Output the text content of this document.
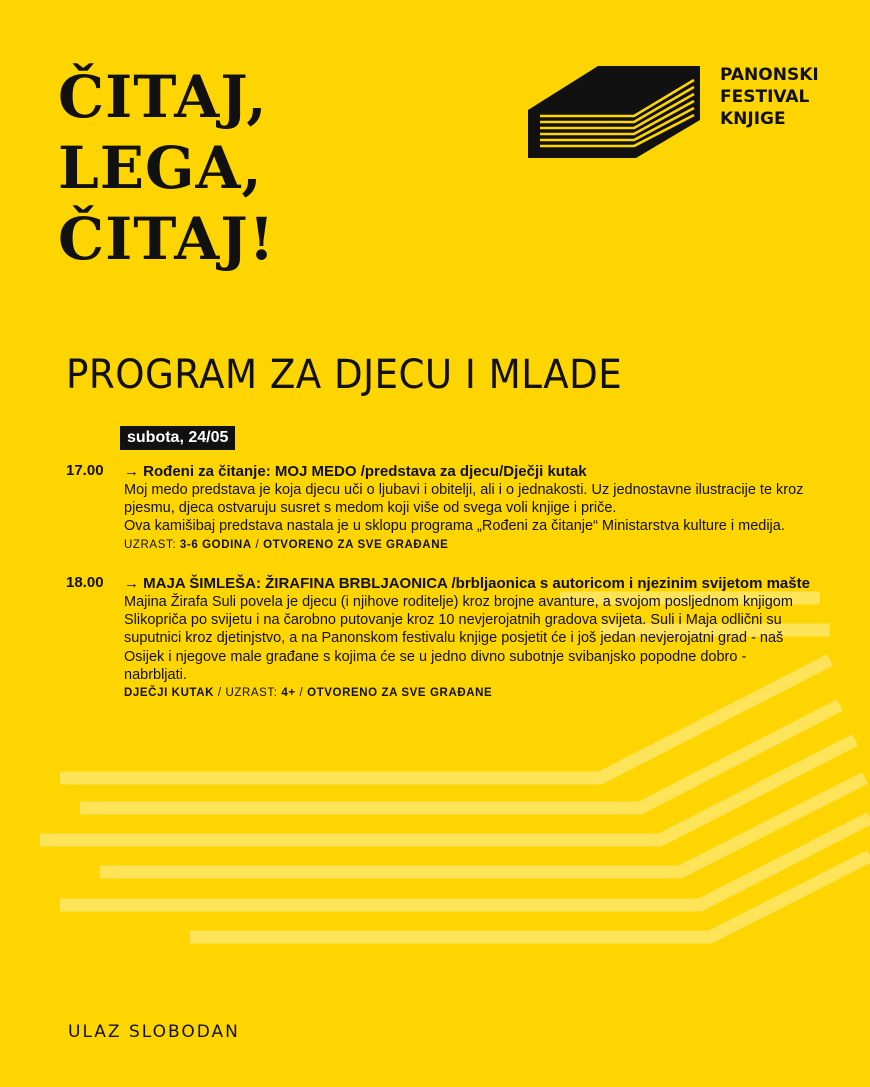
ČITAJ,
LEGA,
ČITAJ!
PANONSKI
FESTIVAL
KNJIGE
PROGRAM ZA DJECU I MLADE
subota, 24/05
17.00 → Rođeni za čitanje: MOJ MEDO /predstava za djecu/Dječji kutak
Moj medo predstava je koja djecu uči o ljubavi i obitelji, ali i o jednakosti. Uz jednostavne ilustracije te kroz
pjesmu, djeca ostvaruju susret s medom koji više od svega voli knjige i priče.
Ova kamišibaj predstava nastala je u sklopu programa „Rođeni za čitanje“ Ministarstva kulture i medija.
UZRAST: 3-6 GODINA / OTVORENO ZA SVE GRAĐANE
18.00 → MAJA ŠIMLEŠA: ŽIRAFINA BRBLJAONICA /brbljaonica s autoricom i njezinim svijetom mašte
Majina Žirafa Suli povela je djecu (i njihove roditelje) kroz brojne avanture, a svojom posljednom knjigom
Slikopriča po svijetu i na čarobno putovanje kroz 10 nevjerojatnih gradova svijeta. Suli i Maja odlični su
suputnici kroz djetinjstvo, a na Panonskom festivalu knjige posjetit će i još jedan nevjerojatni grad - naš
Osijek i njegove male građane s kojima će se u jedno divno subotnje svibanjsko popodne dobro -
nabrbljati.
DJEČJI KUTAK / UZRAST: 4+ / OTVORENO ZA SVE GRAĐANE
ULAZ SLOBODAN
